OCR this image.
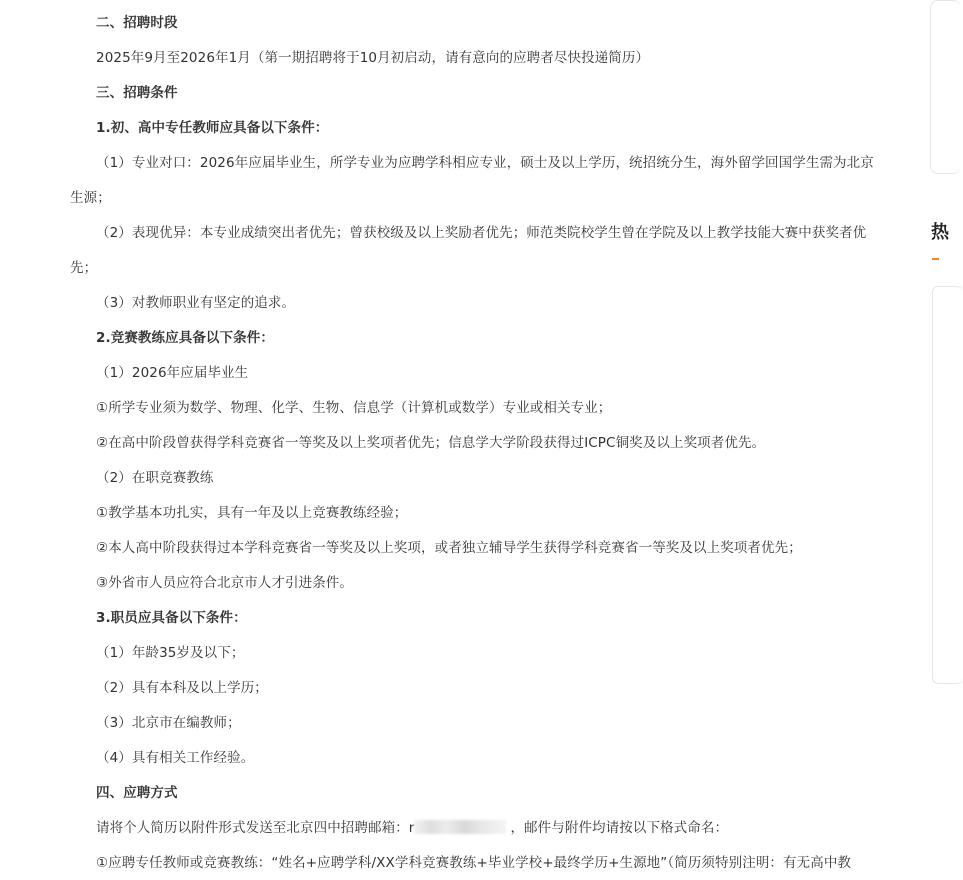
二、招聘时段
2025年9月至2026年1月（第一期招聘将于10月初启动，请有意向的应聘者尽快投递简历）
三、招聘条件
1.初、高中专任教师应具备以下条件：
（1）专业对口：2026年应届毕业生，所学专业为应聘学科相应专业，硕士及以上学历，统招统分生，海外留学回国学生需为北京
生源；
（2）表现优异：本专业成绩突出者优先；曾获校级及以上奖励者优先；师范类院校学生曾在学院及以上教学技能大赛中获奖者优
先；
（3）对教师职业有坚定的追求。
2.竞赛教练应具备以下条件：
（1）2026年应届毕业生
①所学专业须为数学、物理、化学、生物、信息学（计算机或数学）专业或相关专业；
②在高中阶段曾获得学科竞赛省一等奖及以上奖项者优先；信息学大学阶段获得过ICPC铜奖及以上奖项者优先。
（2）在职竞赛教练
①教学基本功扎实，具有一年及以上竞赛教练经验；
②本人高中阶段获得过本学科竞赛省一等奖及以上奖项，或者独立辅导学生获得学科竞赛省一等奖及以上奖项者优先；
③外省市人员应符合北京市人才引进条件。
3.职员应具备以下条件：
（1）年龄35岁及以下；
（2）具有本科及以上学历；
（3）北京市在编教师；
（4）具有相关工作经验。
四、应聘方式
请将个人简历以附件形式发送至北京四中招聘邮箱：r	，邮件与附件均请按以下格式命名：
①应聘专任教师或竞赛教练：“姓名+应聘学科/XX学科竞赛教练+毕业学校+最终学历+生源地”（简历须特别注明：有无高中教
热
